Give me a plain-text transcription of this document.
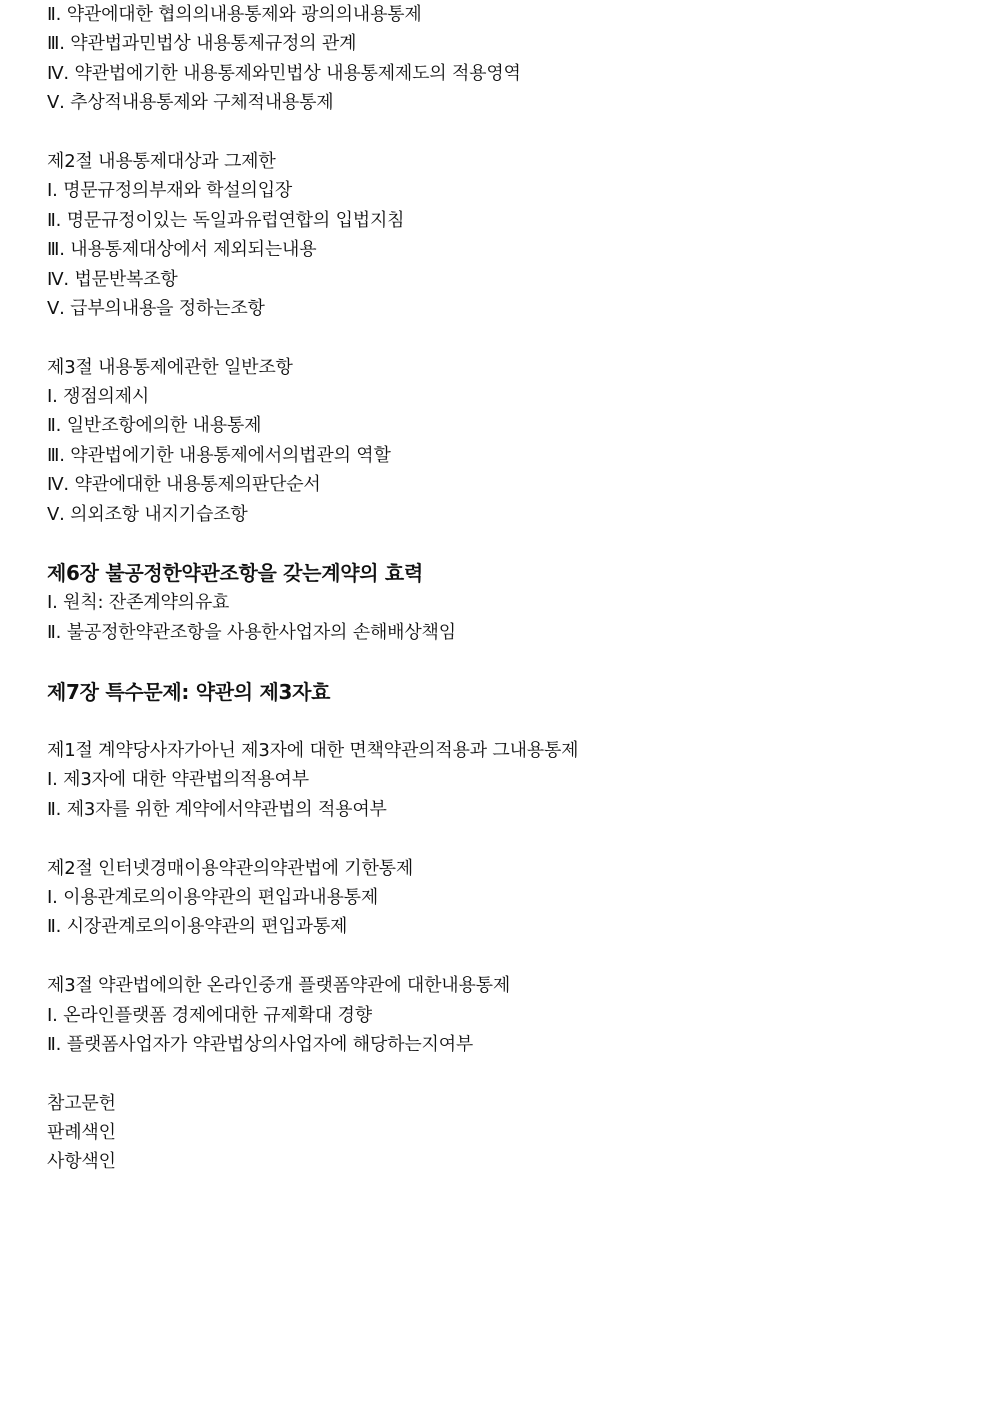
Ⅱ. 약관에대한 협의의내용통제와 광의의내용통제
Ⅲ. 약관법과민법상 내용통제규정의 관계
Ⅳ. 약관법에기한 내용통제와민법상 내용통제제도의 적용영역
Ⅴ. 추상적내용통제와 구체적내용통제
제2절 내용통제대상과 그제한
Ⅰ. 명문규정의부재와 학설의입장
Ⅱ. 명문규정이있는 독일과유럽연합의 입법지침
Ⅲ. 내용통제대상에서 제외되는내용
Ⅳ. 법문반복조항
Ⅴ. 급부의내용을 정하는조항
제3절 내용통제에관한 일반조항
Ⅰ. 쟁점의제시
Ⅱ. 일반조항에의한 내용통제
Ⅲ. 약관법에기한 내용통제에서의법관의 역할
Ⅳ. 약관에대한 내용통제의판단순서
Ⅴ. 의외조항 내지기습조항
제6장 불공정한약관조항을 갖는계약의 효력
Ⅰ. 원칙: 잔존계약의유효
Ⅱ. 불공정한약관조항을 사용한사업자의 손해배상책임
제7장 특수문제: 약관의 제3자효
제1절 계약당사자가아닌 제3자에 대한 면책약관의적용과 그내용통제
Ⅰ. 제3자에 대한 약관법의적용여부
Ⅱ. 제3자를 위한 계약에서약관법의 적용여부
제2절 인터넷경매이용약관의약관법에 기한통제
Ⅰ. 이용관계로의이용약관의 편입과내용통제
Ⅱ. 시장관계로의이용약관의 편입과통제
제3절 약관법에의한 온라인중개 플랫폼약관에 대한내용통제
Ⅰ. 온라인플랫폼 경제에대한 규제확대 경향
Ⅱ. 플랫폼사업자가 약관법상의사업자에 해당하는지여부
참고문헌
판례색인
사항색인
